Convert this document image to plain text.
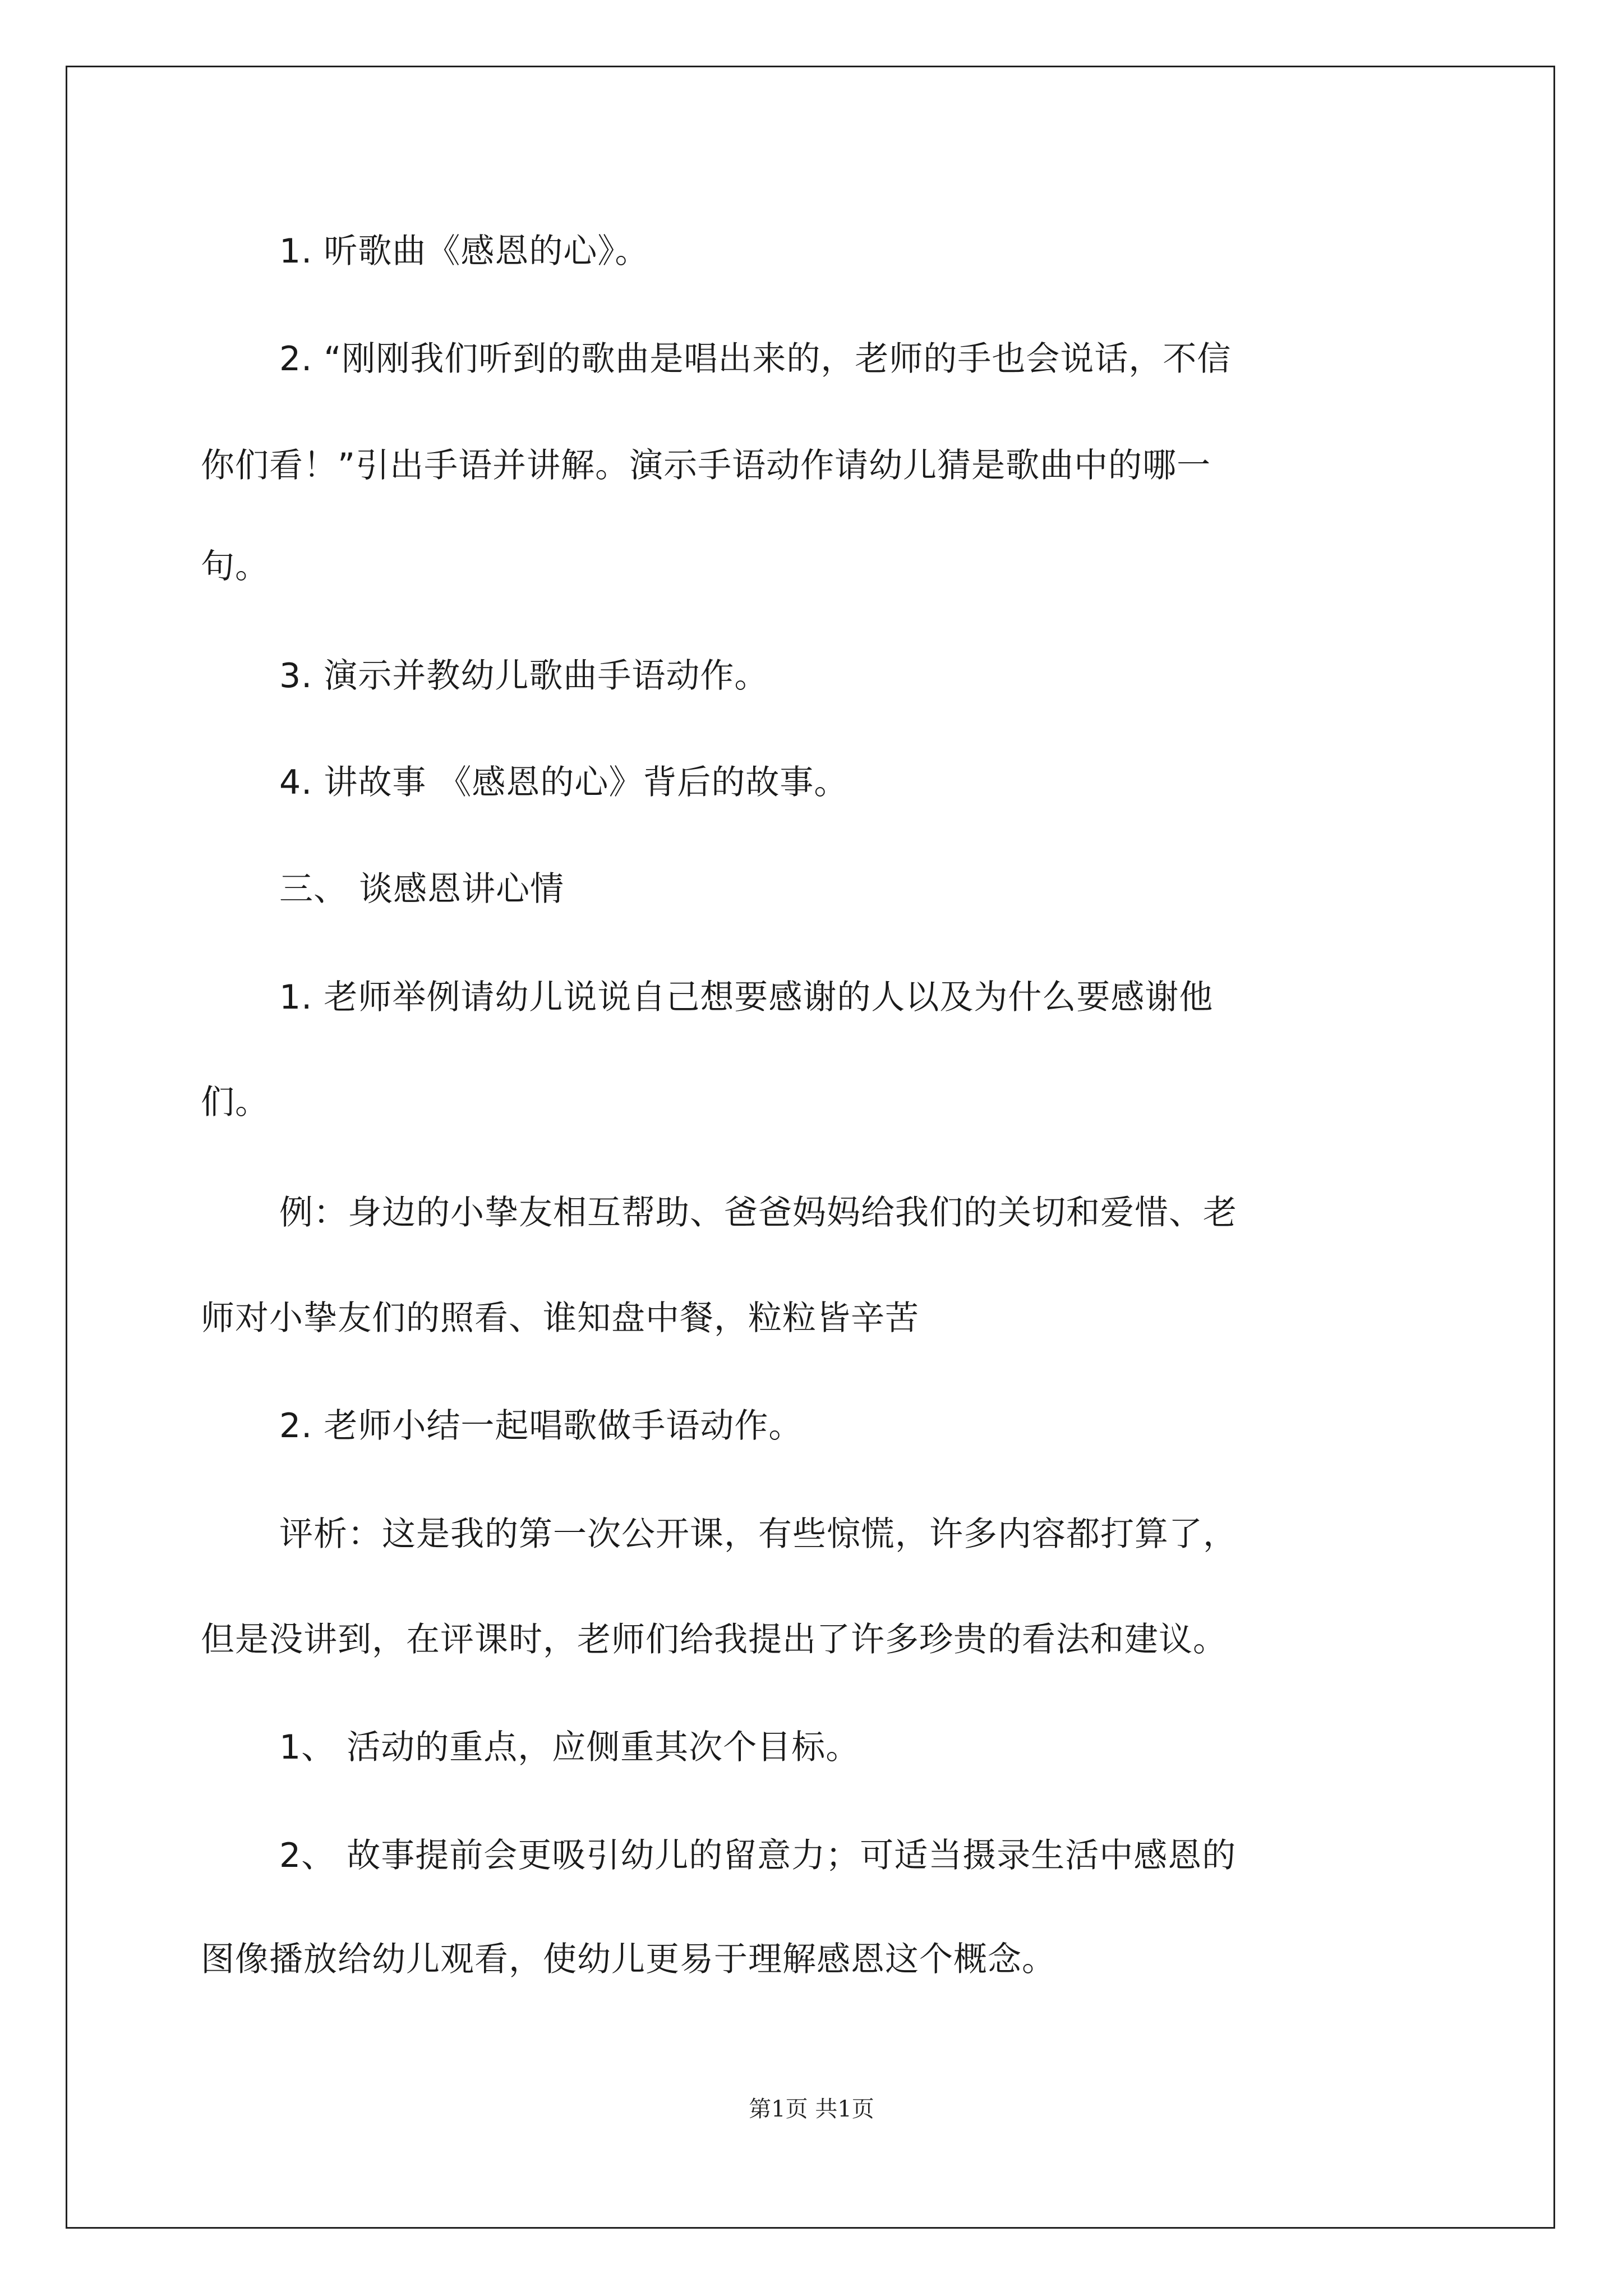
1. 听歌曲《感恩的心》。
2. “刚刚我们听到的歌曲是唱出来的，老师的手也会说话，不信
你们看！”引出手语并讲解。演示手语动作请幼儿猜是歌曲中的哪一
句。
3. 演示并教幼儿歌曲手语动作。
4. 讲故事 《感恩的心》背后的故事。
三、 谈感恩讲心情
1. 老师举例请幼儿说说自己想要感谢的人以及为什么要感谢他
们。
例：身边的小挚友相互帮助、爸爸妈妈给我们的关切和爱惜、老
师对小挚友们的照看、谁知盘中餐，粒粒皆辛苦
2. 老师小结一起唱歌做手语动作。
评析：这是我的第一次公开课，有些惊慌，许多内容都打算了，
但是没讲到，在评课时，老师们给我提出了许多珍贵的看法和建议。
1、 活动的重点，应侧重其次个目标。
2、 故事提前会更吸引幼儿的留意力；可适当摄录生活中感恩的
图像播放给幼儿观看，使幼儿更易于理解感恩这个概念。
第1页 共1页
